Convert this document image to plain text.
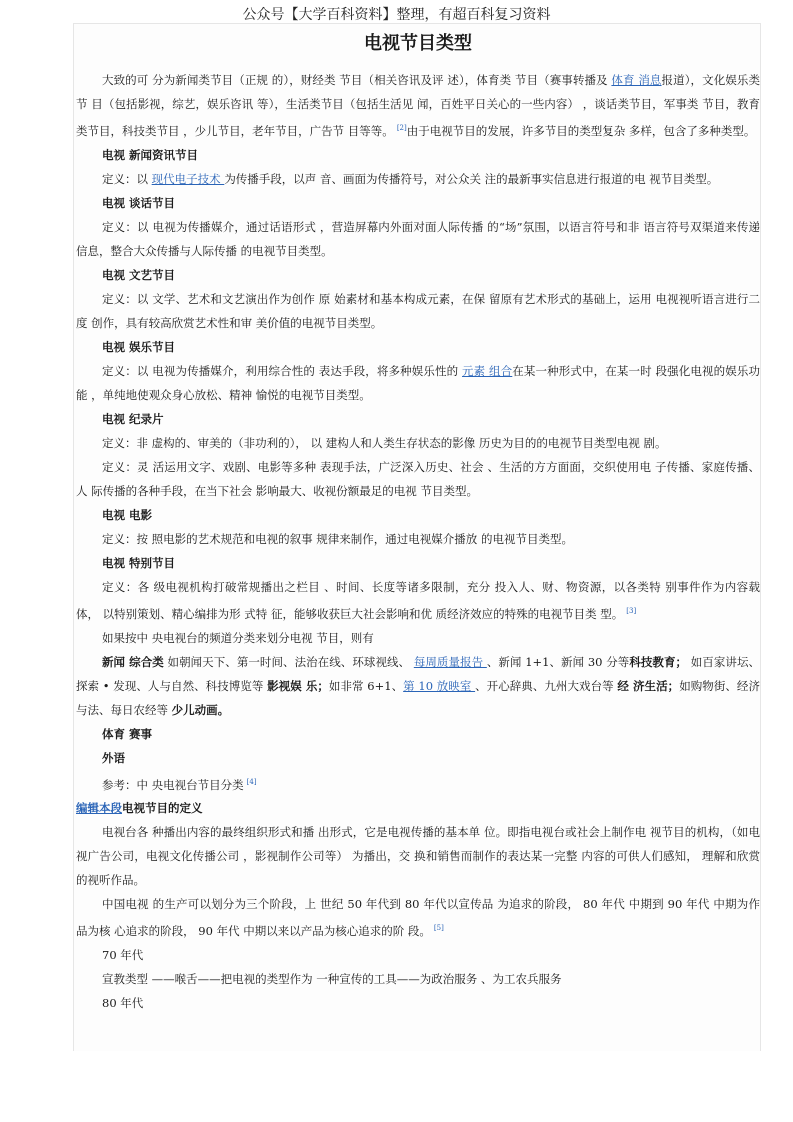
公众号【大学百科资料】整理，有超百科复习资料
电视节目类型

大致的可 分为新闻类节目（正规 的），财经类 节目（相关咨讯及评 述），体育类 节目（赛事转播及 体育 消息报道），文化娱乐类节 目（包括影视，综艺，娱乐咨讯 等），生活类节目（包括生活见 闻，百姓平日关心的一些内容） ，谈话类节目，军事类 节目，教育类节目，科技类节目 ，少儿节目，老年节目，广告节 目等等。 [2]由于电视节目的发展，许多节目的类型复杂 多样，包含了多种类型。

电视 新闻资讯节目

定义：以 现代电子技术 为传播手段，以声 音、画面为传播符号，对公众关 注的最新事实信息进行报道的电 视节目类型。

电视 谈话节目

定义：以 电视为传播媒介，通过话语形式 ，营造屏幕内外面对面人际传播 的“场”氛围，以语言符号和非 语言符号双渠道来传递 信息，整合大众传播与人际传播 的电视节目类型。

电视 文艺节目

定义：以 文学、艺术和文艺演出作为创作 原 始素材和基本构成元素，在保 留原有艺术形式的基础上，运用 电视视听语言进行二度 创作，具有较高欣赏艺术性和审 美价值的电视节目类型。

电视 娱乐节目

定义：以 电视为传播媒介，利用综合性的 表达手段，将多种娱乐性的 元素 组合在某一种形式中，在某一时 段强化电视的娱乐功能 ，单纯地使观众身心放松、精神 愉悦的电视节目类型。

电视 纪录片

定义：非 虚构的、审美的（非功利的）， 以 建构人和人类生存状态的影像 历史为目的的电视节目类型电视 剧。

定义：灵 活运用文字、戏剧、电影等多种 表现手法，广泛深入历史、社会 、生活的方方面面，交织使用电 子传播、家庭传播、人 际传播的各种手段，在当下社会 影响最大、收视份额最足的电视 节目类型。

电视 电影

定义：按 照电影的艺术规范和电视的叙事 规律来制作，通过电视媒介播放 的电视节目类型。

电视 特别节目

定义：各 级电视机构打破常规播出之栏目 、时间、长度等诸多限制，充分 投入人、财、物资源，以各类特 别事件作为内容载体， 以特别策划、精心编排为形 式特 征，能够收获巨大社会影响和优 质经济效应的特殊的电视节目类 型。 [3]

如果按中 央电视台的频道分类来划分电视 节目，则有

新闻 综合类 如朝闻天下、第一时间、法治在线、环球视线、 每周质量报告 、新闻 1+1、新闻 30 分等科技教育； 如百家讲坛、探索 • 发现、人与自然、科技博览等 影视娱 乐；如非常 6+1、第 10 放映室 、开心辞典、九州大戏台等 经 济生活；如购物街、经济与法、每日农经等 少儿动画。

体育 赛事

外语

参考：中 央电视台节目分类 [4]

编辑本段电视节目的定义

电视台各 种播出内容的最终组织形式和播 出形式，它是电视传播的基本单 位。即指电视台或社会上制作电 视节目的机构，（如电 视广告公司，电视文化传播公司 ，影视制作公司等） 为播出，交 换和销售而制作的表达某一完整 内容的可供人们感知， 理解和欣赏的视听作品。

中国电视 的生产可以划分为三个阶段，上 世纪 50 年代到 80 年代以宣传品 为追求的阶段， 80 年代 中期到 90 年代 中期为作品为核 心追求的阶段， 90 年代 中期以来以产品为核心追求的阶 段。 [5]

70 年代

宣教类型 ——喉舌——把电视的类型作为 一种宣传的工具——为政治服务 、为工农兵服务

80 年代
